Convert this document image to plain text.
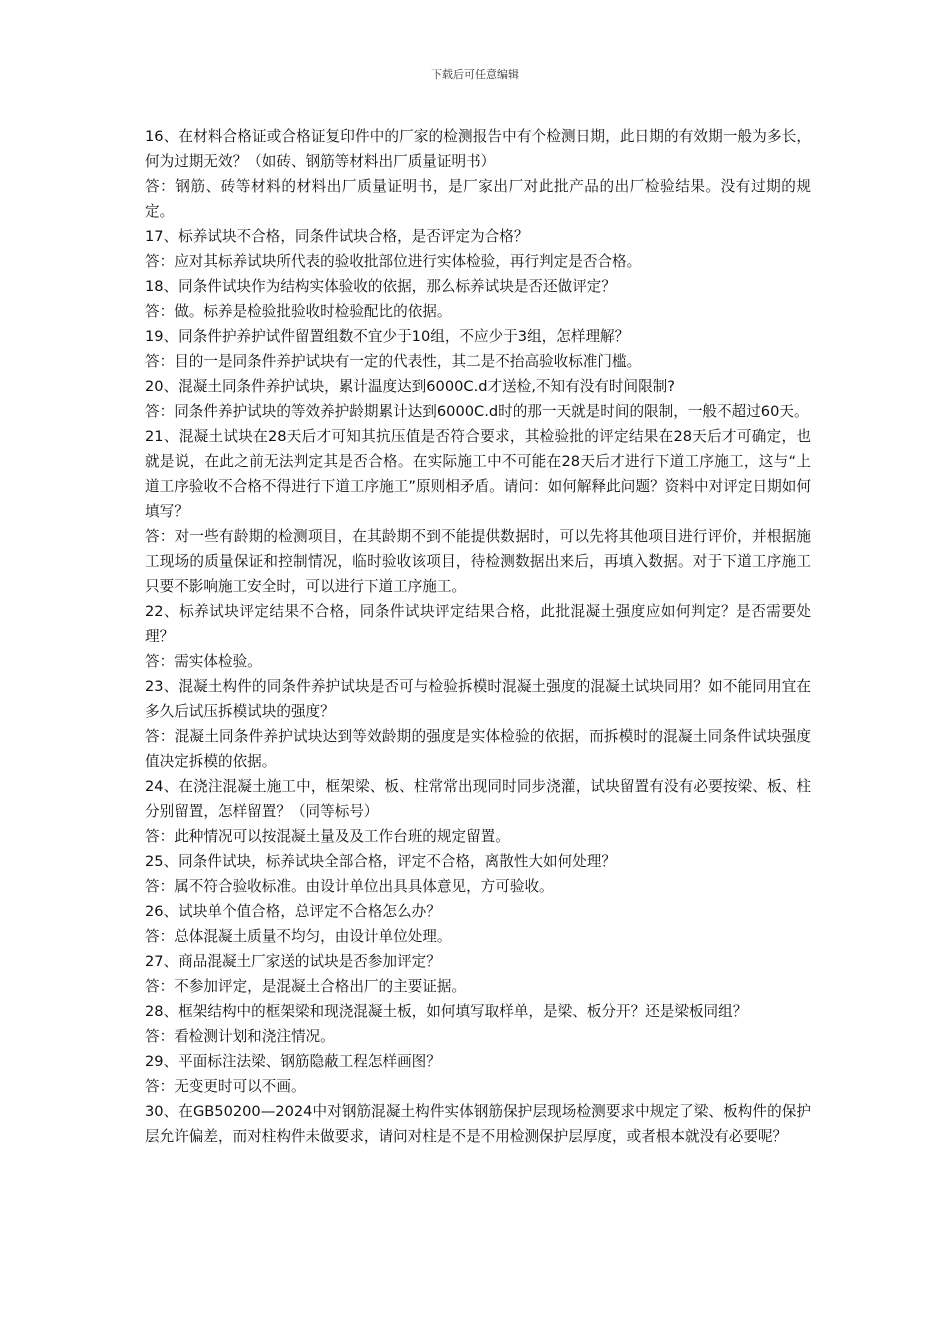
下载后可任意编辑

16、在材料合格证或合格证复印件中的厂家的检测报告中有个检测日期，此日期的有效期一般为多长，何为过期无效？（如砖、钢筋等材料出厂质量证明书）

答：钢筋、砖等材料的材料出厂质量证明书，是厂家出厂对此批产品的出厂检验结果。没有过期的规定。

17、标养试块不合格，同条件试块合格，是否评定为合格？

答：应对其标养试块所代表的验收批部位进行实体检验，再行判定是否合格。

18、同条件试块作为结构实体验收的依据，那么标养试块是否还做评定？

答：做。标养是检验批验收时检验配比的依据。

19、同条件护养护试件留置组数不宜少于10组，不应少于3组，怎样理解？

答：目的一是同条件养护试块有一定的代表性，其二是不抬高验收标准门槛。

20、混凝土同条件养护试块，累计温度达到6000C.d才送检,不知有没有时间限制?

答：同条件养护试块的等效养护龄期累计达到6000C.d时的那一天就是时间的限制，一般不超过60天。

21、混凝土试块在28天后才可知其抗压值是否符合要求，其检验批的评定结果在28天后才可确定，也就是说，在此之前无法判定其是否合格。在实际施工中不可能在28天后才进行下道工序施工，这与“上道工序验收不合格不得进行下道工序施工”原则相矛盾。请问：如何解释此问题？资料中对评定日期如何填写？

答：对一些有龄期的检测项目，在其龄期不到不能提供数据时，可以先将其他项目进行评价，并根据施工现场的质量保证和控制情况，临时验收该项目，待检测数据出来后，再填入数据。对于下道工序施工只要不影响施工安全时，可以进行下道工序施工。

22、标养试块评定结果不合格，同条件试块评定结果合格，此批混凝土强度应如何判定？是否需要处理？

答：需实体检验。

23、混凝土构件的同条件养护试块是否可与检验拆模时混凝土强度的混凝土试块同用？如不能同用宜在多久后试压拆模试块的强度？

答：混凝土同条件养护试块达到等效龄期的强度是实体检验的依据，而拆模时的混凝土同条件试块强度值决定拆模的依据。

24、在浇注混凝土施工中，框架梁、板、柱常常出现同时同步浇灌，试块留置有没有必要按梁、板、柱分别留置，怎样留置？（同等标号）

答：此种情况可以按混凝土量及及工作台班的规定留置。

25、同条件试块，标养试块全部合格，评定不合格，离散性大如何处理？

答：属不符合验收标准。由设计单位出具具体意见，方可验收。

26、试块单个值合格，总评定不合格怎么办？

答：总体混凝土质量不均匀，由设计单位处理。

27、商品混凝土厂家送的试块是否参加评定？

答：不参加评定，是混凝土合格出厂的主要证据。

28、框架结构中的框架梁和现浇混凝土板，如何填写取样单，是梁、板分开？还是梁板同组？

答：看检测计划和浇注情况。

29、平面标注法梁、钢筋隐蔽工程怎样画图？

答：无变更时可以不画。

30、在GB50200—2024中对钢筋混凝土构件实体钢筋保护层现场检测要求中规定了梁、板构件的保护层允许偏差，而对柱构件未做要求，请问对柱是不是不用检测保护层厚度，或者根本就没有必要呢？
